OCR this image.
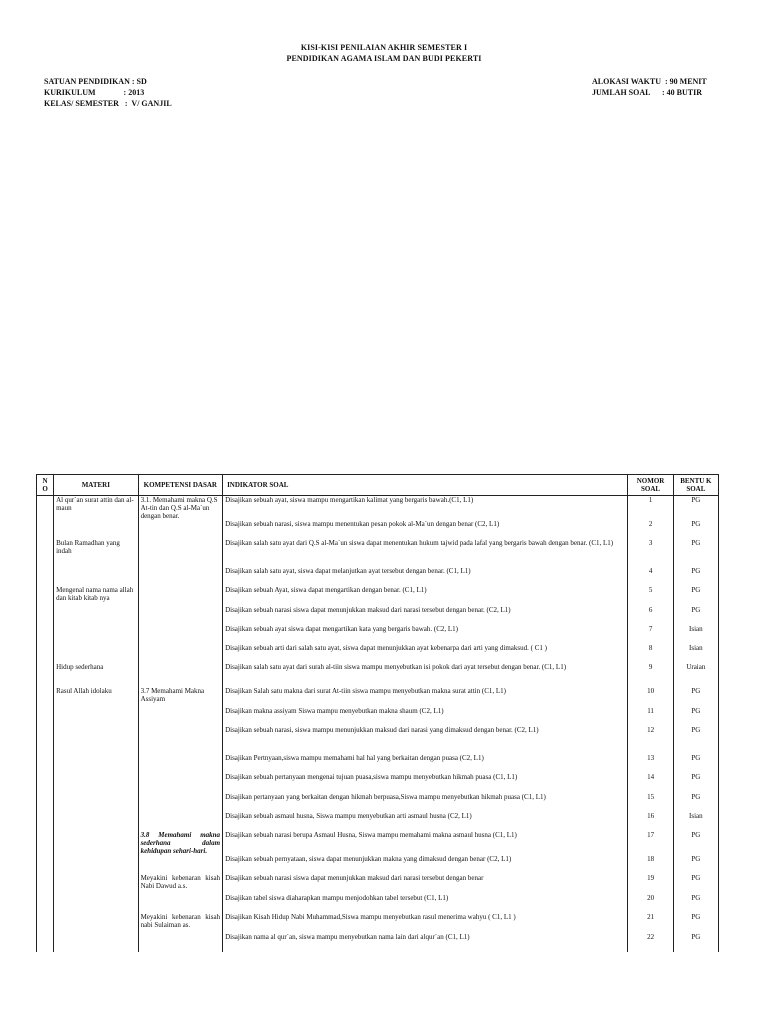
KISI-KISI PENILAIAN AKHIR SEMESTER I
PENDIDIKAN AGAMA ISLAM DAN BUDI PEKERTI
SATUAN PENDIDIKAN : SD
KURIKULUM              : 2013
KELAS/ SEMESTER   :  V/ GANJIL
ALOKASI WAKTU  : 90 MENIT
JUMLAH SOAL      : 40 BUTIR
N O	MATERI	KOMPETENSI DASAR	INDIKATOR SOAL	NOMOR SOAL	BENTU K SOAL
	Al qur`an surat attin dan al-maun	3.1. Memahami makna Q.S At-tin dan Q.S al-Ma`un dengan benar.	Disajikan sebuah ayat, siswa mampu mengartikan kalimat yang bergaris bawah.(C1, L1)	1	PG
			Disajikan sebuah narasi, siswa mampu menentukan pesan pokok al-Ma`un dengan benar (C2, L1)	2	PG
	Bulan Ramadhan yang indah		Disajikan salah satu ayat dari Q.S al-Ma`un siswa dapat menentukan hukum tajwid pada lafal yang bergaris bawah dengan benar. (C1, L1)	3	PG
			Disajikan salah satu ayat, siswa dapat melanjutkan ayat tersebut dengan benar. (C1, L1)	4	PG
	Mengenal nama nama allah dan kitab kitab nya		Disajikan sebuah Ayat, siswa dapat mengartikan dengan benar. (C1, L1)	5	PG
			Disajikan sebuah narasi siswa dapat menunjukkan maksud dari narasi tersebut dengan benar. (C2, L1)	6	PG
			Disajikan sebuah ayat siswa dapat mengartikan kata yang bergaris bawah. (C2, L1)	7	Isian
			Disajikan sebuah arti dari salah satu ayat, siswa dapat menunjukkan ayat kebenarpa dari arti yang dimaksud. ( C1 )	8	Isian
	Hidup sederhana		Disajikan salah satu ayat dari surah al-tiin siswa mampu menyebutkan isi pokok dari ayat tersebut dengan benar. (C1, L1)	9	Uraian
	Rasul Allah idolaku	3.7 Memahami Makna Assiyam	Disajikan Salah satu makna dari surat At-tiin siswa mampu menyebutkan makna surat attin (C1, L1)	10	PG
			Disajikan makna assiyam Siswa mampu menyebutkan makna shaum (C2, L1)	11	PG
			Disajikan sebuah narasi, siswa mampu menunjukkan maksud dari narasi yang dimaksud dengan benar. (C2, L1)	12	PG
			Disajikan Pertnyaan,siswa mampu memahami hal hal yang berkaitan dengan puasa (C2, L1)	13	PG
			Disajikan sebuah pertanyaan mengenai tujuan puasa,siswa mampu menyebutkan hikmah puasa (C1, L1)	14	PG
			Disajikan pertanyaan yang berkaitan dengan hikmah berpuasa,Siswa mampu menyebutkan hikmah puasa (C1, L1)	15	PG
			Disajikan sebuah asmaul husna, Siswa mampu menyebutkan arti asmaul husna (C2, L1)	16	Isian
		3.8 Memahami makna sederhana dalam kehidupan sehari-hari.	Disajikan sebuah narasi berupa Asmaul Husna, Siswa mampu memahami makna asmaul husna (C1, L1)	17	PG
			Disajikan sebuah pernyataan, siswa dapat menunjukkan makna yang dimaksud dengan benar (C2, L1)	18	PG
		Meyakini kebenaran kisah Nabi Dawud a.s.	Disajikan sebuah narasi siswa dapat menunjukkan maksud dari narasi tersebut dengan benar	19	PG
			Disajikan tabel siswa diaharapkan mampu menjodohkan tabel tersebut (C1, L1)	20	PG
		Meyakini kebenaran kisah nabi Sulaiman as.	Disajikan Kisah Hidup Nabi Muhammad,Siswa mampu menyebutkan rasul menerima wahyu ( C1, L1 )	21	PG
			Disajikan nama al qur`an, siswa mampu menyebutkan nama lain dari alqur`an (C1, L1)	22	PG
